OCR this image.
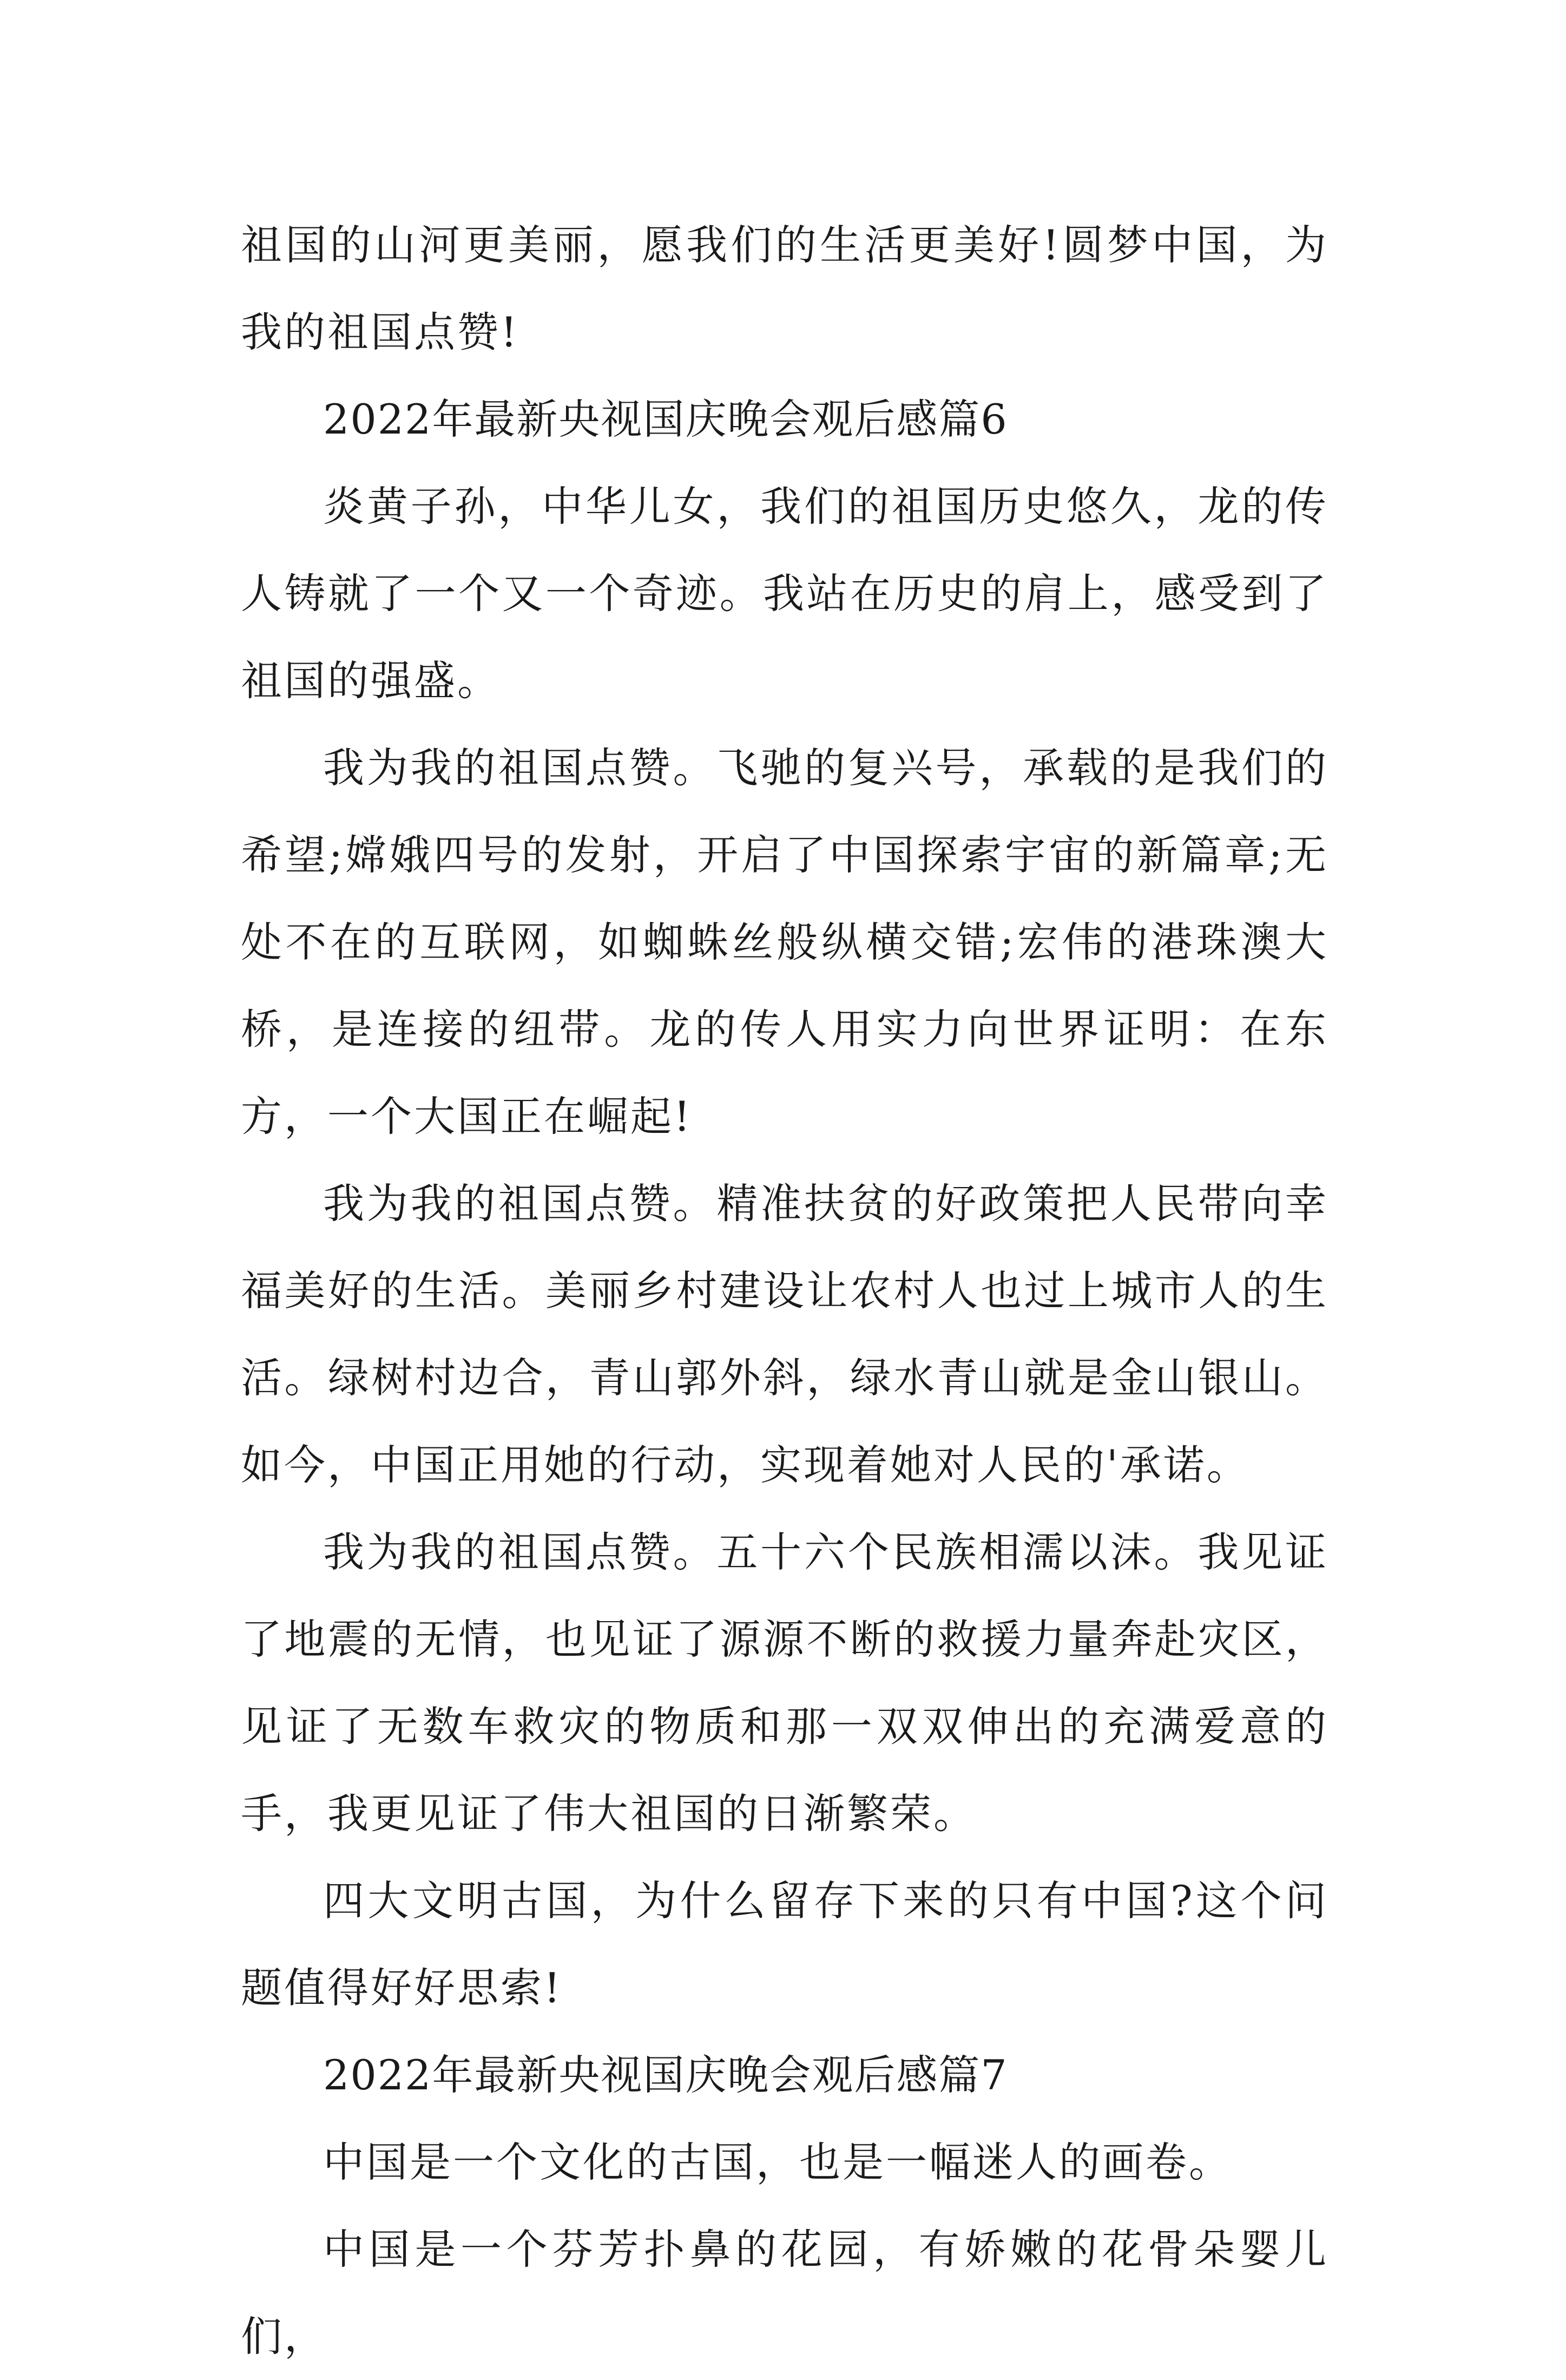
祖国的山河更美丽，愿我们的生活更美好!圆梦中国，为我的祖国点赞!

2022年最新央视国庆晚会观后感篇6

炎黄子孙，中华儿女，我们的祖国历史悠久，龙的传人铸就了一个又一个奇迹。我站在历史的肩上，感受到了祖国的强盛。

我为我的祖国点赞。飞驰的复兴号，承载的是我们的希望;嫦娥四号的发射，开启了中国探索宇宙的新篇章;无处不在的互联网，如蜘蛛丝般纵横交错;宏伟的港珠澳大桥，是连接的纽带。龙的传人用实力向世界证明：在东方，一个大国正在崛起!

我为我的祖国点赞。精准扶贫的好政策把人民带向幸福美好的生活。美丽乡村建设让农村人也过上城市人的生活。绿树村边合，青山郭外斜，绿水青山就是金山银山。如今，中国正用她的行动，实现着她对人民的'承诺。

我为我的祖国点赞。五十六个民族相濡以沫。我见证了地震的无情，也见证了源源不断的救援力量奔赴灾区，见证了无数车救灾的物质和那一双双伸出的充满爱意的手，我更见证了伟大祖国的日渐繁荣。

四大文明古国，为什么留存下来的只有中国?这个问题值得好好思索!

2022年最新央视国庆晚会观后感篇7

中国是一个文化的古国，也是一幅迷人的画卷。

中国是一个芬芳扑鼻的花园，有娇嫩的花骨朵婴儿们，
